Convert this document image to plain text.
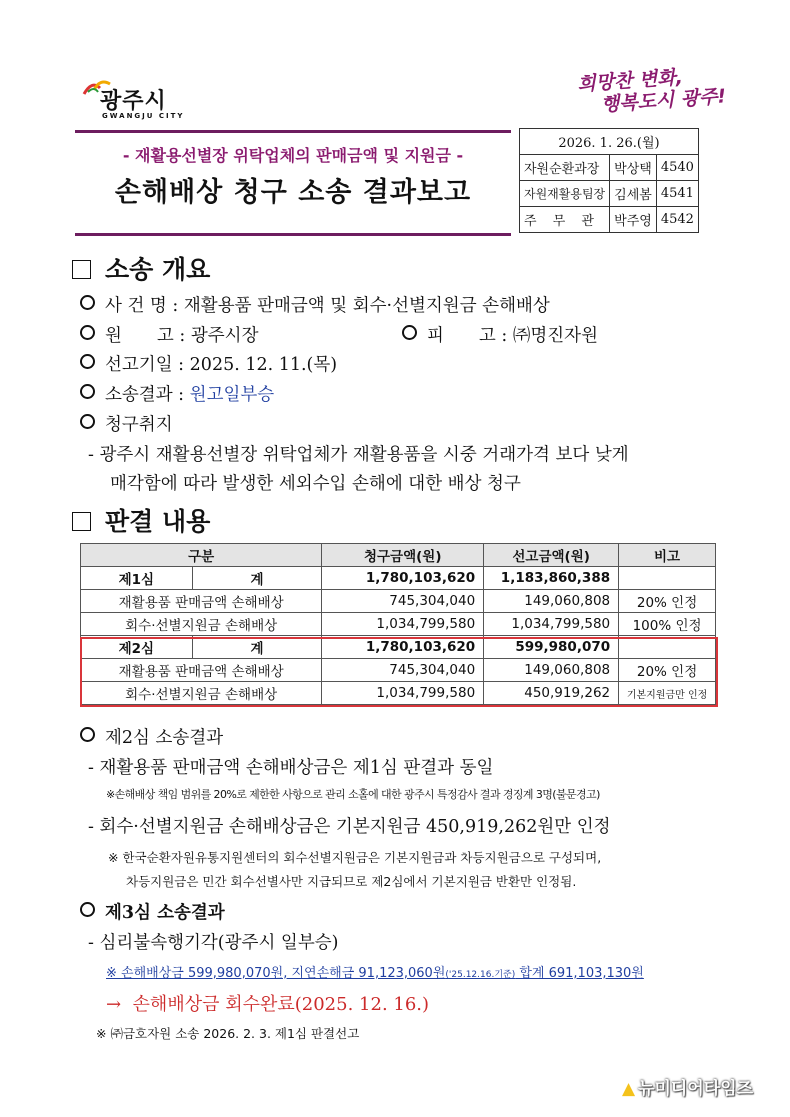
광주시
GWANGJU CITY
희망찬 변화,
행복도시 광주!
- 재활용선별장 위탁업체의 판매금액 및 지원금 -
손해배상 청구 소송 결과보고
2026. 1. 26.(월)		
자원순환과장	박상택	4540
자원재활용팀장	김세봄	4541
주 무 관	박주영	4542
소송 개요
사 건 명 : 재활용품 판매금액 및 회수·선별지원금 손해배상
원　　고 : 광주시장	피　　고 : ㈜명진자원
선고기일 : 2025. 12. 11.(목)
소송결과 : 원고일부승
청구취지
- 광주시 재활용선별장 위탁업체가 재활용품을 시중 거래가격 보다 낮게
매각함에 따라 발생한 세외수입 손해에 대한 배상 청구
판결 내용
구분		청구금액(원)	선고금액(원)	비고
제1심	계	1,780,103,620	1,183,860,388	
재활용품 판매금액 손해배상		745,304,040	149,060,808	20% 인정
회수·선별지원금 손해배상		1,034,799,580	1,034,799,580	100% 인정
제2심	계	1,780,103,620	599,980,070	
재활용품 판매금액 손해배상		745,304,040	149,060,808	20% 인정
회수·선별지원금 손해배상		1,034,799,580	450,919,262	기본지원금만 인정
제2심 소송결과
- 재활용품 판매금액 손해배상금은 제1심 판결과 동일
※손해배상 책임 범위를 20%로 제한한 사항으로 관리 소홀에 대한 광주시 특정감사 결과 경징계 3명(불문경고)
- 회수·선별지원금 손해배상금은 기본지원금 450,919,262원만 인정
※ 한국순환자원유통지원센터의 회수선별지원금은 기본지원금과 차등지원금으로 구성되며,
차등지원금은 민간 회수선별사만 지급되므로 제2심에서 기본지원금 반환만 인정됨.
제3심 소송결과
- 심리불속행기각(광주시 일부승)
※ 손해배상금 599,980,070원, 지연손해금 91,123,060원('25.12.16.기준) 합계 691,103,130원
→ 손해배상금 회수완료(2025. 12. 16.)
※ ㈜금호자원 소송 2026. 2. 3. 제1심 판결선고
▲ 뉴미디어타임즈
